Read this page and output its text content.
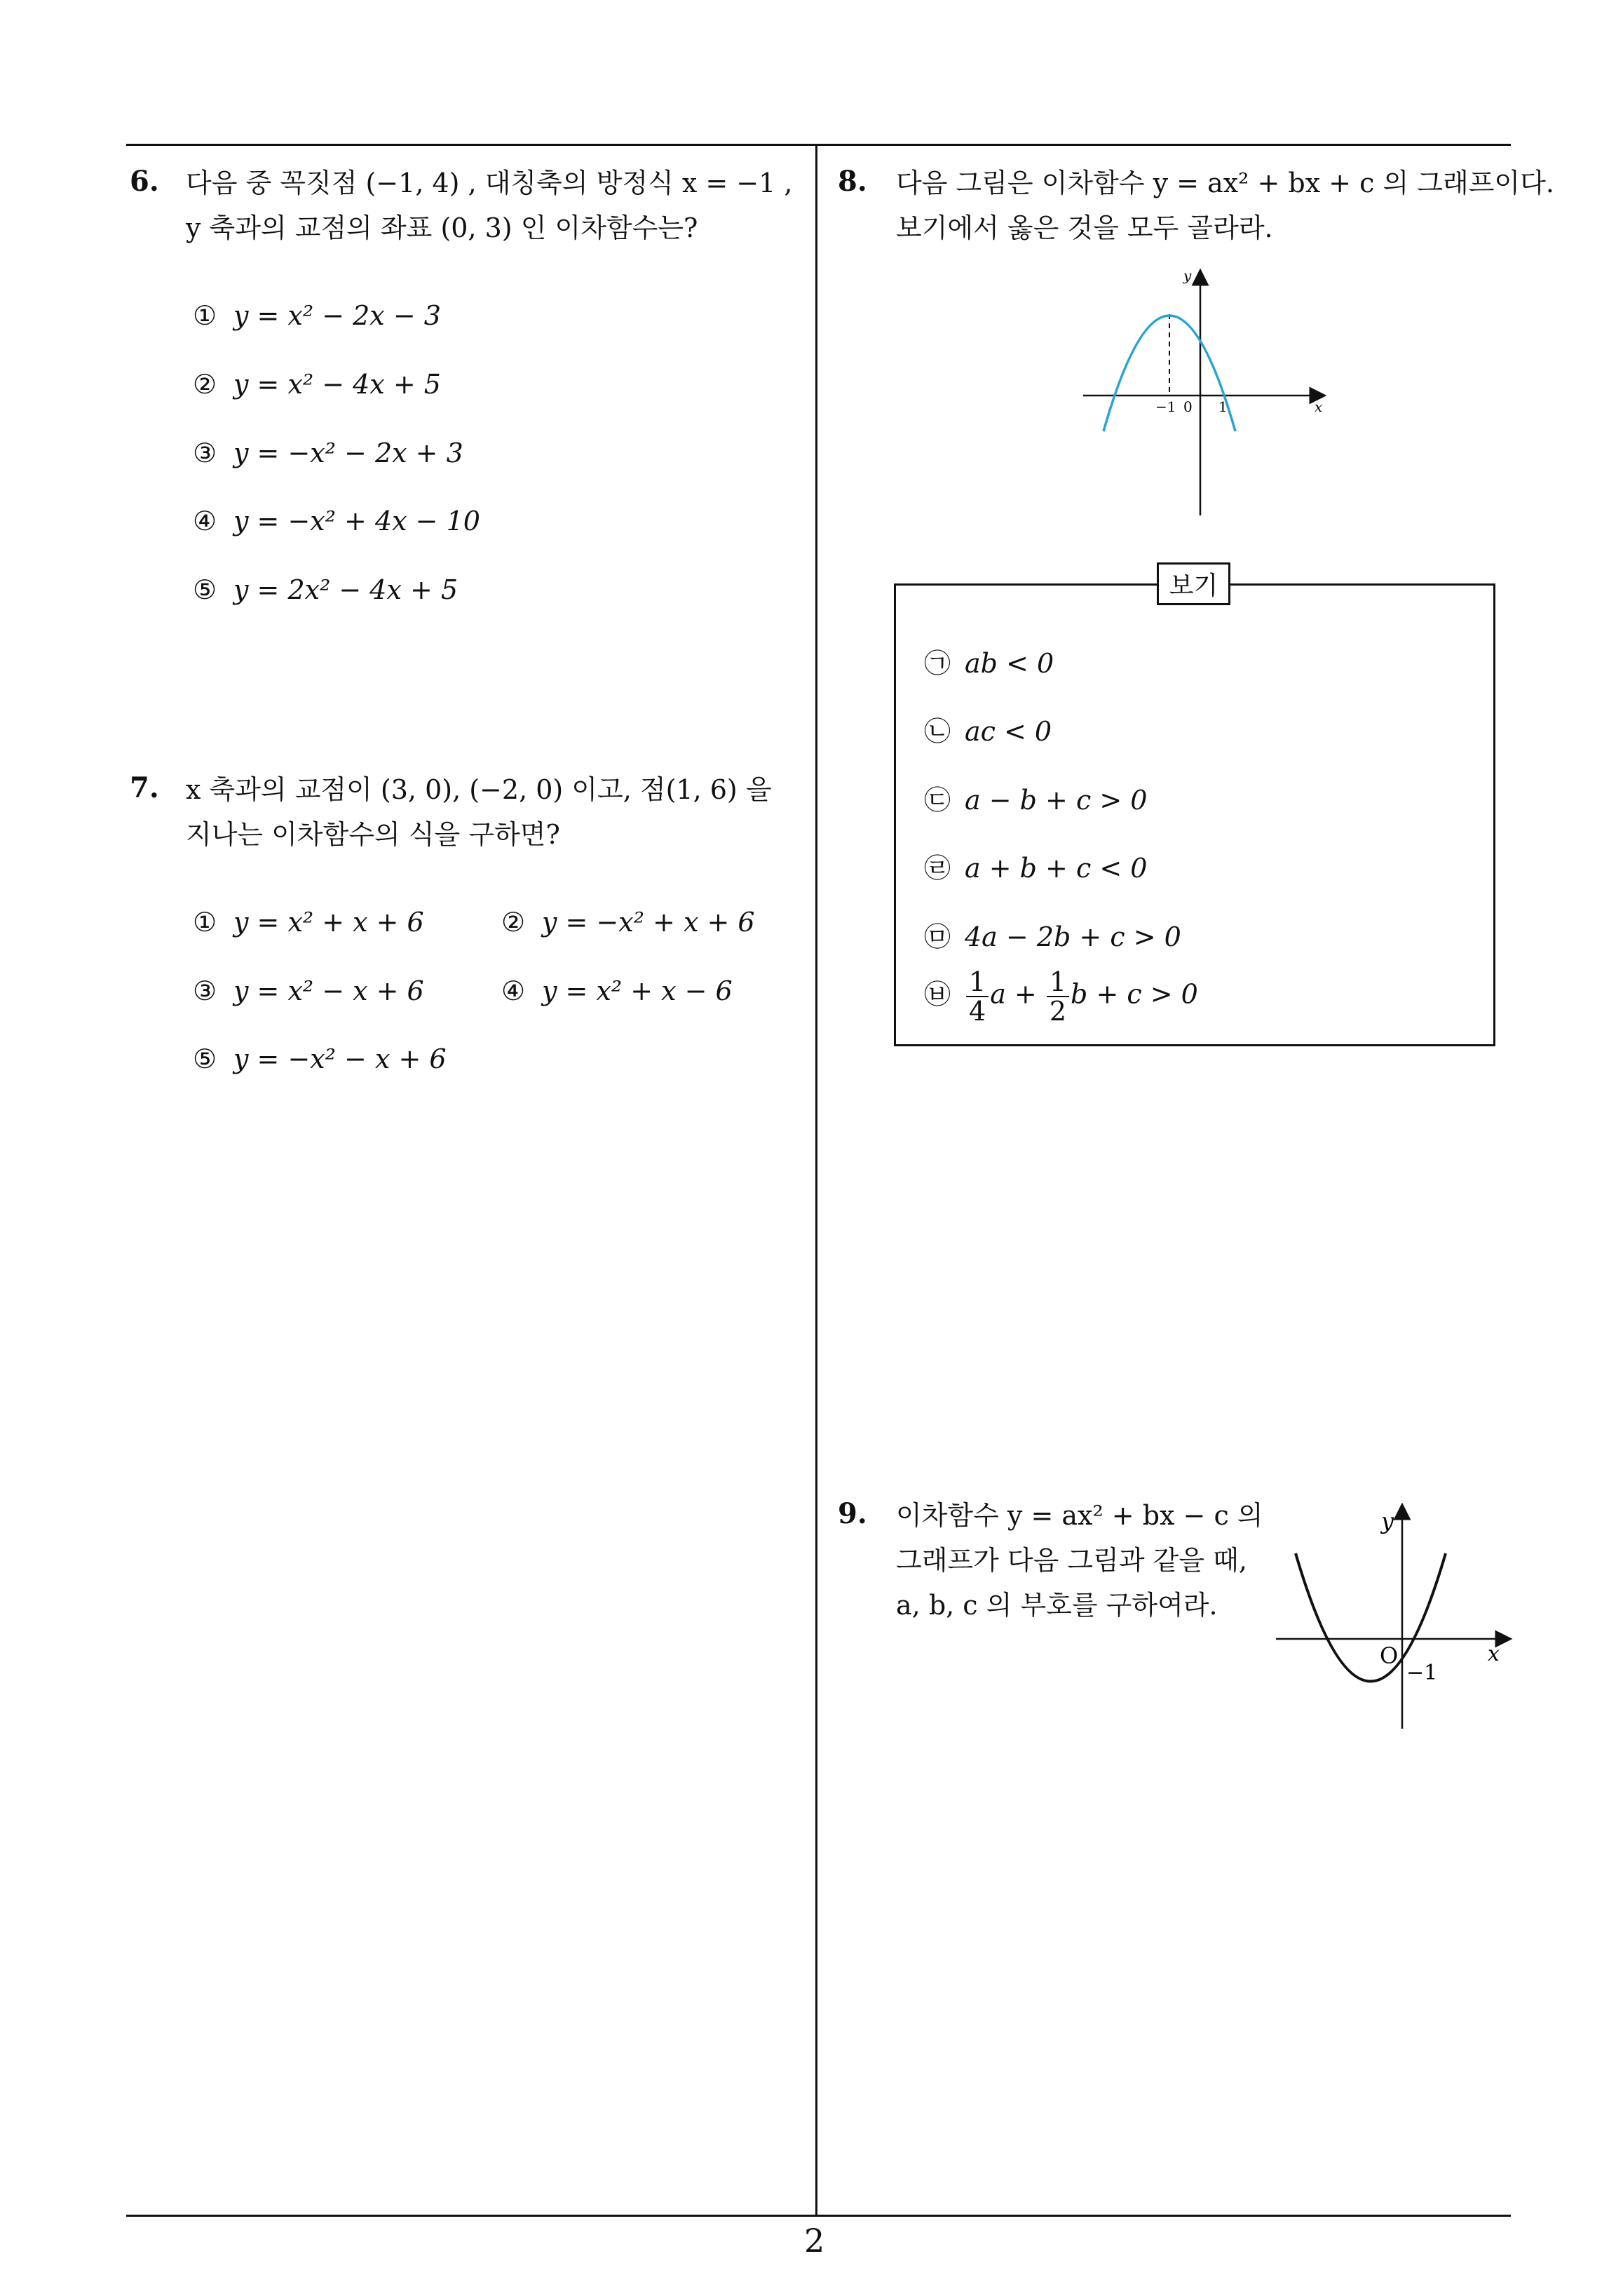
6. 다음 중 꼭짓점 (−1, 4) , 대칭축의 방정식 x = −1 ,
y 축과의 교점의 좌표 (0, 3) 인 이차함수는?
① y = x² − 2x − 3
② y = x² − 4x + 5
③ y = −x² − 2x + 3
④ y = −x² + 4x − 10
⑤ y = 2x² − 4x + 5
7. x 축과의 교점이 (3, 0), (−2, 0) 이고, 점(1, 6) 을
지나는 이차함수의 식을 구하면?
① y = x² + x + 6	② y = −x² + x + 6
③ y = x² − x + 6	④ y = x² + x − 6
⑤ y = −x² − x + 6
8. 다음 그림은 이차함수 y = ax² + bx + c 의 그래프이다.
보기에서 옳은 것을 모두 골라라.
y
x
−1 0 1
보기
㉠ ab < 0
㉡ ac < 0
㉢ a − b + c > 0
㉣ a + b + c < 0
㉤ 4a − 2b + c > 0
㉥ $\frac{1}{4}$ $a + \frac{1}{2}$ b + c > 0
9. 이차함수 y = ax² + bx − c 의
그래프가 다음 그림과 같을 때,
a, b, c 의 부호를 구하여라.
y
x
O
−1
2
